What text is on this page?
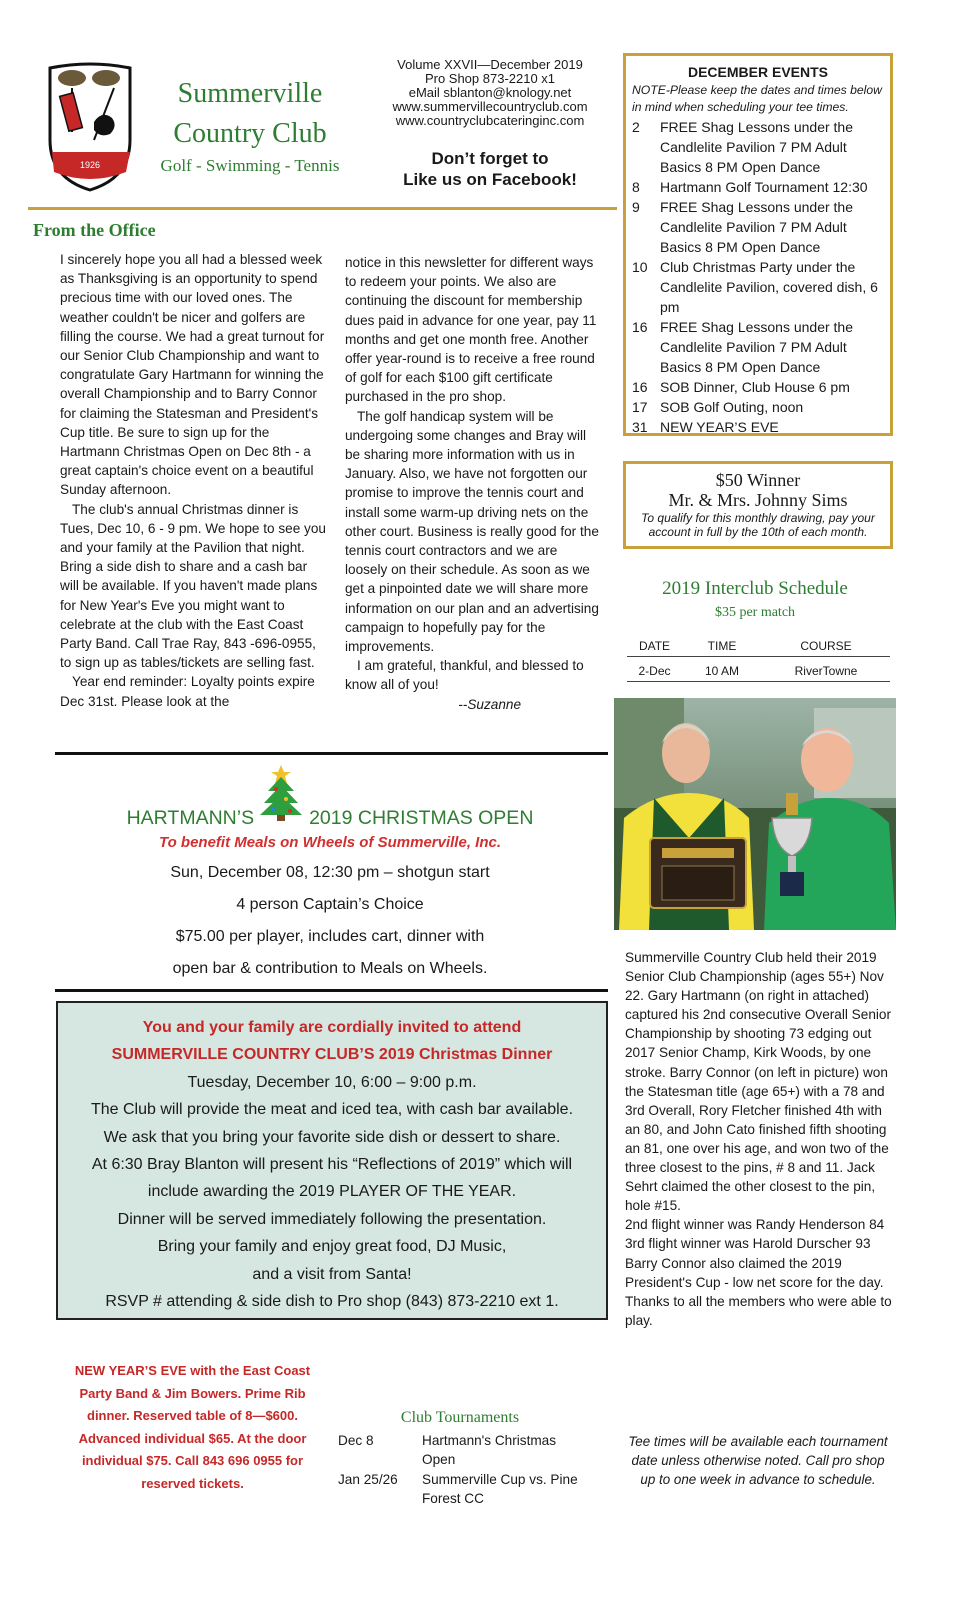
1926
Summerville
Country Club
Golf - Swimming - Tennis
Volume XXVII—December 2019
Pro Shop 873-2210 x1
eMail sblanton@knology.net
www.summervillecountryclub.com
www.countryclubcateringinc.com
Don’t forget to
Like us on Facebook!
From the Office

I sincerely hope you all had a blessed week as Thanksgiving is an opportunity to spend precious time with our loved ones. The weather couldn't be nicer and golfers are filling the course. We had a great turnout for our Senior Club Championship and want to congratulate Gary Hartmann for winning the overall Championship and to Barry Connor for claiming the Statesman and President's Cup title. Be sure to sign up for the Hartmann Christmas Open on Dec 8th - a great captain's choice event on a beautiful Sunday afternoon.

The club's annual Christmas dinner is Tues, Dec 10, 6 - 9 pm. We hope to see you and your family at the Pavilion that night. Bring a side dish to share and a cash bar will be available. If you haven't made plans for New Year's Eve you might want to celebrate at the club with the East Coast Party Band. Call Trae Ray, 843 -696-0955, to sign up as tables/tickets are selling fast.

Year end reminder: Loyalty points expire Dec 31st. Please look at the

notice in this newsletter for different ways to redeem your points. We also are continuing the discount for membership dues paid in advance for one year, pay 11 months and get one month free. Another offer year-round is to receive a free round of golf for each $100 gift certificate purchased in the pro shop.

The golf handicap system will be undergoing some changes and Bray will be sharing more information with us in January. Also, we have not forgotten our promise to improve the tennis court and install some warm-up driving nets on the other court. Business is really good for the tennis court contractors and we are loosely on their schedule. As soon as we get a pinpointed date we will share more information on our plan and an advertising campaign to hopefully pay for the improvements.

I am grateful, thankful, and blessed to know all of you!

--Suzanne

DECEMBER EVENTS
NOTE-Please keep the dates and times below in mind when scheduling your tee times.
2	FREE Shag Lessons under the Candlelite Pavilion 7 PM Adult Basics 8 PM Open Dance
8	Hartmann Golf Tournament 12:30
9	FREE Shag Lessons under the Candlelite Pavilion 7 PM Adult Basics 8 PM Open Dance
10 Club Christmas Party under the Candlelite Pavilion, covered dish, 6 pm
16 FREE Shag Lessons under the Candlelite Pavilion 7 PM Adult Basics 8 PM Open Dance
16 SOB Dinner, Club House 6 pm
17 SOB Golf Outing, noon
31 NEW YEAR’S EVE
$50 Winner
Mr. & Mrs. Johnny Sims
To qualify for this monthly drawing, pay your account in full by the 10th of each month.
2019 Interclub Schedule
$35 per match
DATE	TIME	COURSE
2-Dec	10 AM	RiverTowne

Summerville Country Club held their 2019 Senior Club Championship (ages 55+) Nov 22. Gary Hartmann (on right in attached) captured his 2nd consecutive Overall Senior Championship by shooting 73 edging out 2017 Senior Champ, Kirk Woods, by one stroke. Barry Connor (on left in picture) won the Statesman title (age 65+) with a 78 and 3rd Overall, Rory Fletcher finished 4th with an 80, and John Cato finished fifth shooting an 81, one over his age, and won two of the three closest to the pins, # 8 and 11. Jack Sehrt claimed the other closest to the pin, hole #15.

2nd flight winner was Randy Henderson 84

3rd flight winner was Harold Durscher 93

Barry Connor also claimed the 2019 President's Cup - low net score for the day.

Thanks to all the members who were able to play.

HARTMANN’S	2019 CHRISTMAS OPEN
To benefit Meals on Wheels of Summerville, Inc.
Sun, December 08, 12:30 pm – shotgun start
4 person Captain’s Choice
$75.00 per player, includes cart, dinner with
open bar & contribution to Meals on Wheels.
You and your family are cordially invited to attend
SUMMERVILLE COUNTRY CLUB’S 2019 Christmas Dinner
Tuesday, December 10, 6:00 – 9:00 p.m.
The Club will provide the meat and iced tea, with cash bar available.
We ask that you bring your favorite side dish or dessert to share.
At 6:30 Bray Blanton will present his “Reflections of 2019” which will
include awarding the 2019 PLAYER OF THE YEAR.
Dinner will be served immediately following the presentation.
Bring your family and enjoy great food, DJ Music,
and a visit from Santa!
RSVP # attending & side dish to Pro shop (843) 873-2210 ext 1.
NEW YEAR’S EVE with the East Coast Party Band & Jim Bowers. Prime Rib dinner. Reserved table of 8—$600. Advanced individual $65. At the door individual $75. Call 843 696 0955 for reserved tickets.
Club Tournaments
Dec 8	Hartmann's Christmas Open
Jan 25/26	Summerville Cup vs. Pine Forest CC
Tee times will be available each tournament date unless otherwise noted. Call pro shop up to one week in advance to schedule.
